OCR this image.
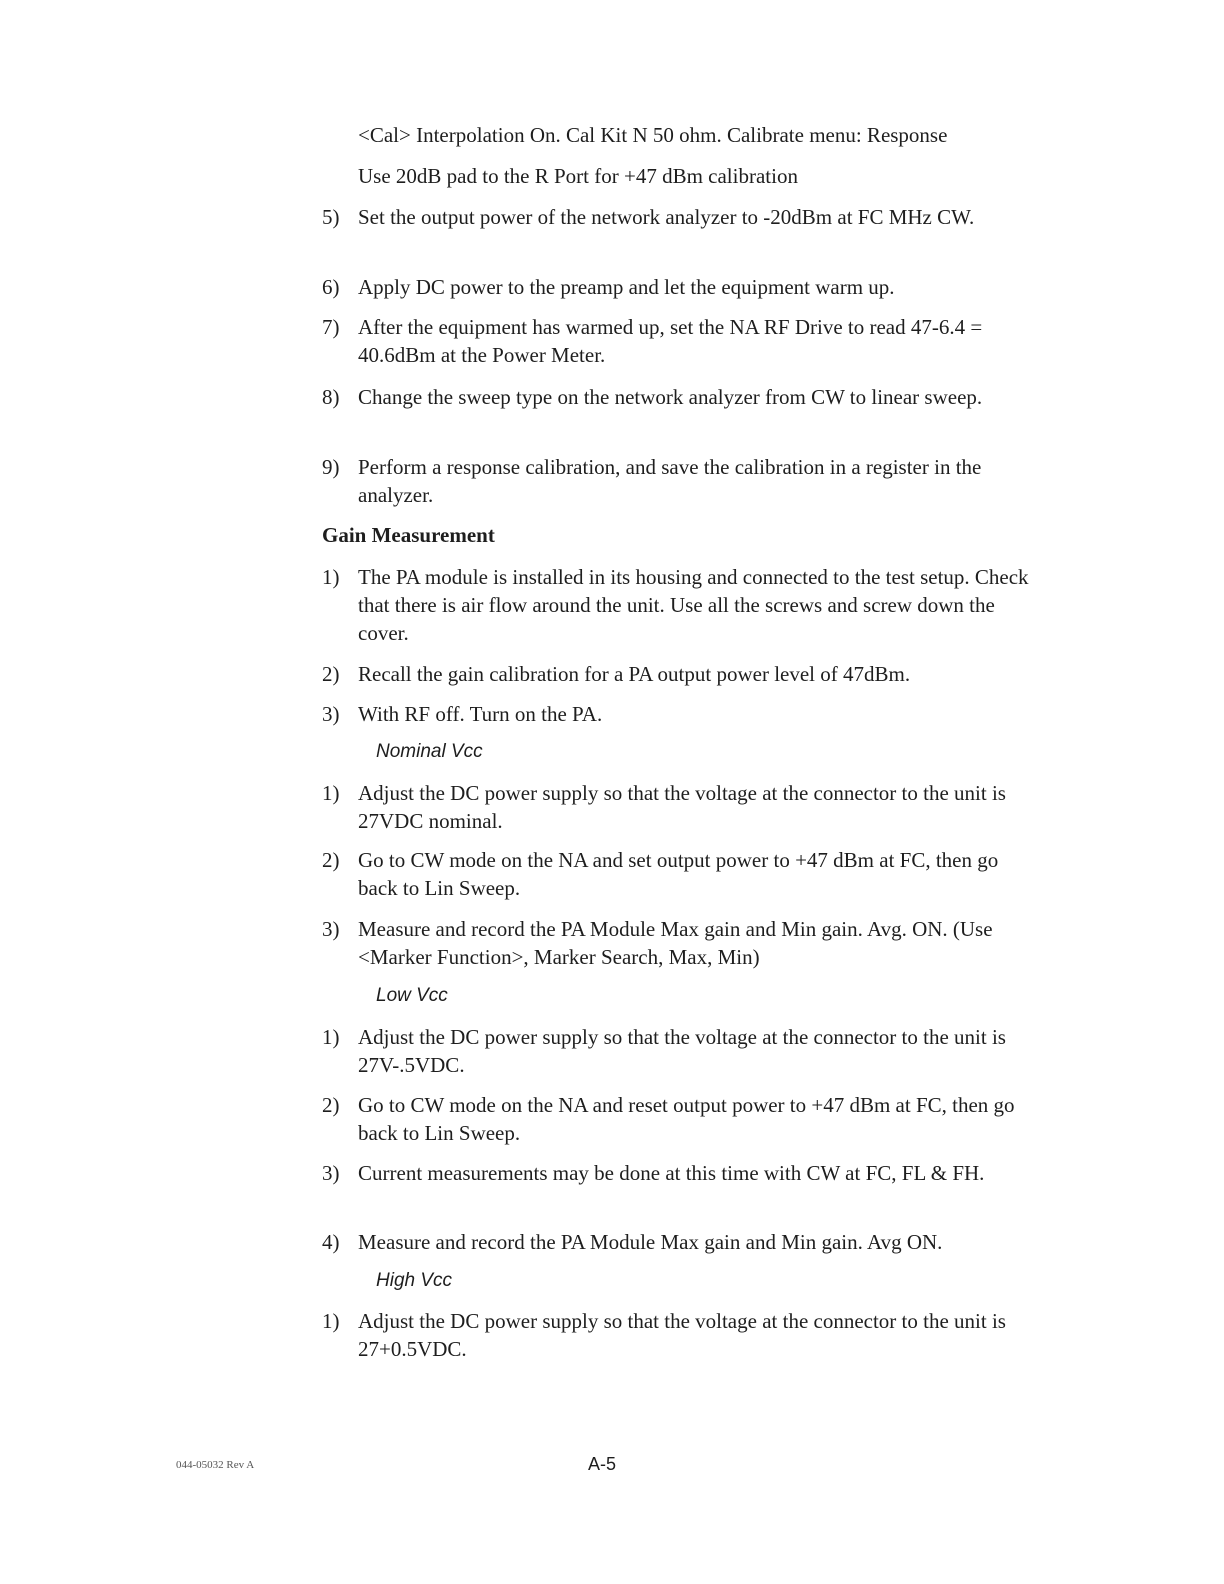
<Cal> Interpolation On. Cal Kit N 50 ohm. Calibrate menu: Response
Use 20dB pad to the R Port for +47 dBm calibration
5) Set the output power of the network analyzer to -20dBm at FC MHz CW.
6) Apply DC power to the preamp and let the equipment warm up.
7) After the equipment has warmed up, set the NA RF Drive to read 47-6.4 = 40.6dBm at the Power Meter.
8) Change the sweep type on the network analyzer from CW to linear sweep.
9) Perform a response calibration, and save the calibration in a register in the analyzer.
Gain Measurement
1) The PA module is installed in its housing and connected to the test setup. Check that there is air flow around the unit. Use all the screws and screw down the cover.
2) Recall the gain calibration for a PA output power level of 47dBm.
3) With RF off. Turn on the PA.
Nominal Vcc
1) Adjust the DC power supply so that the voltage at the connector to the unit is 27VDC nominal.
2) Go to CW mode on the NA and set output power to +47 dBm at FC, then go back to Lin Sweep.
3) Measure and record the PA Module Max gain and Min gain. Avg. ON. (Use <Marker Function>, Marker Search, Max, Min)
Low Vcc
1) Adjust the DC power supply so that the voltage at the connector to the unit is 27V-.5VDC.
2) Go to CW mode on the NA and reset output power to +47 dBm at FC, then go back to Lin Sweep.
3) Current measurements may be done at this time with CW at FC, FL & FH.
4) Measure and record the PA Module Max gain and Min gain. Avg ON.
High Vcc
1) Adjust the DC power supply so that the voltage at the connector to the unit is 27+0.5VDC.
044-05032 Rev A	A-5
